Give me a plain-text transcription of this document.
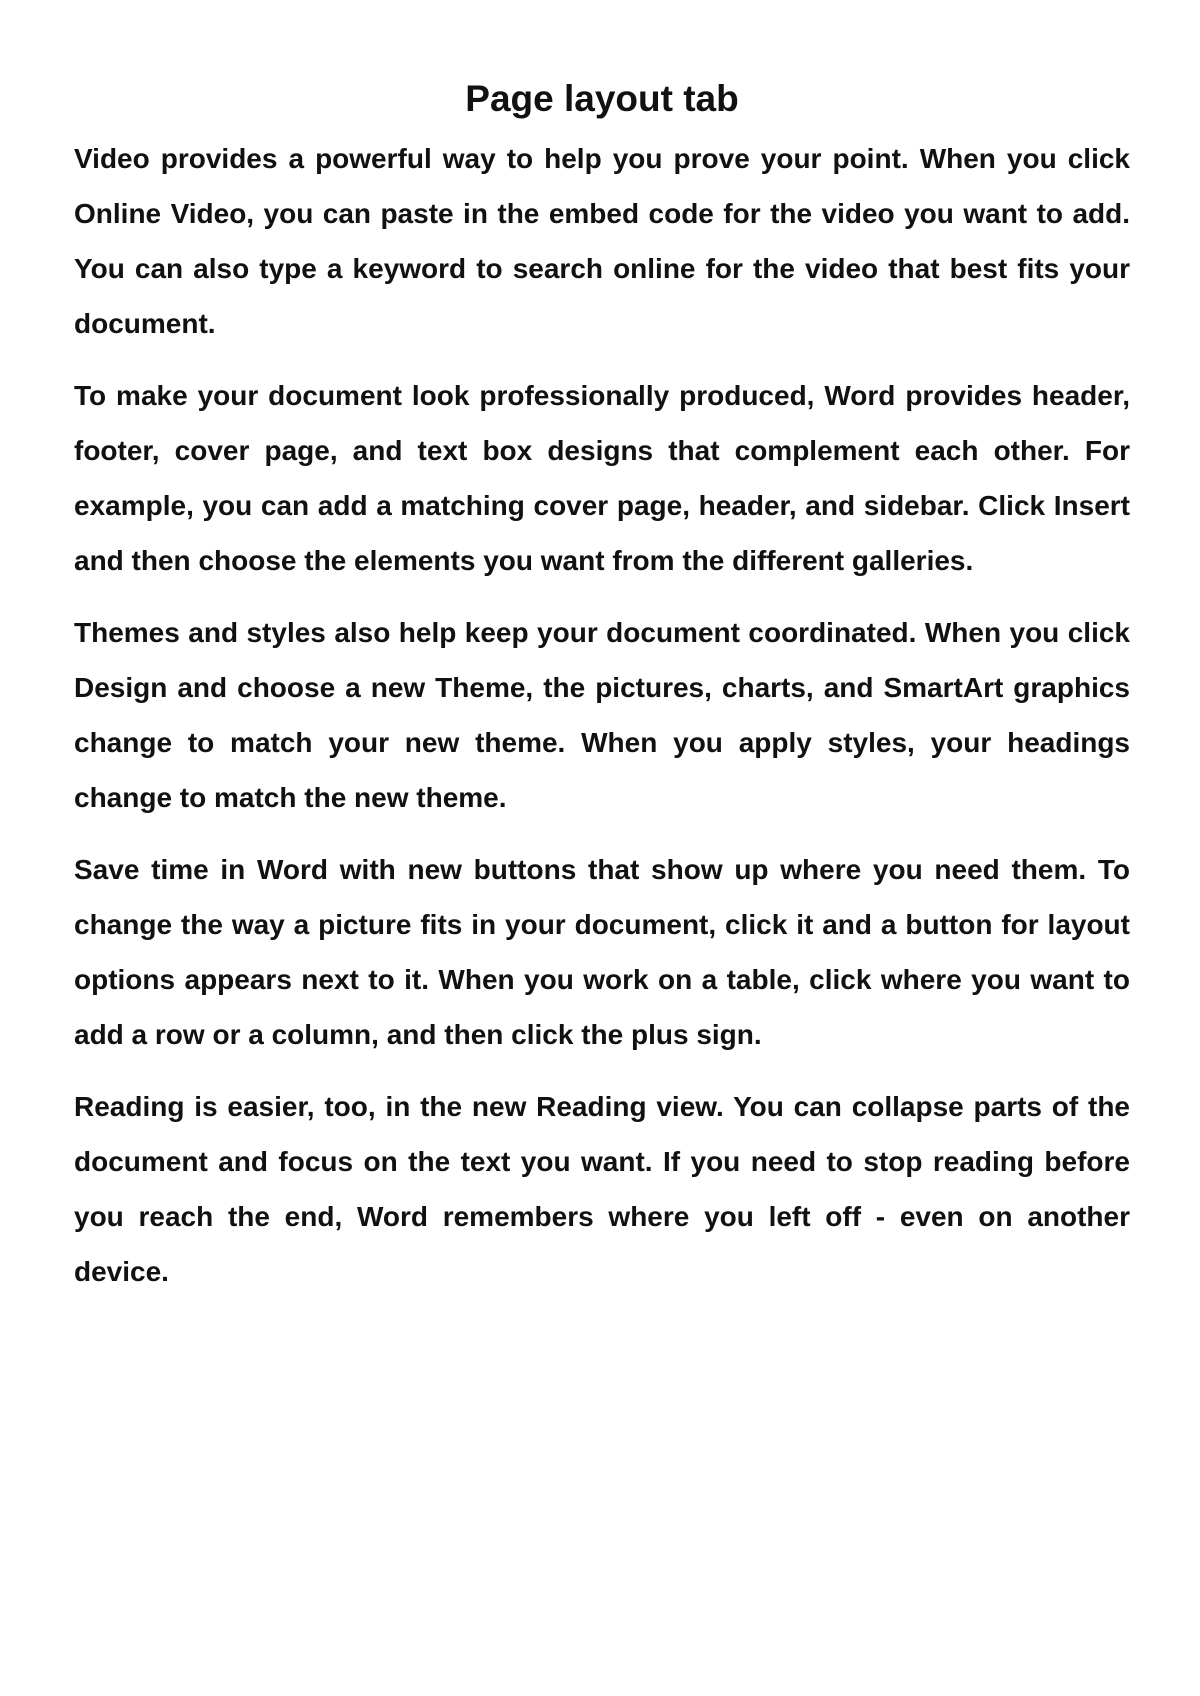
Page layout tab

Video provides a powerful way to help you prove your point. When you click Online Video, you can paste in the embed code for the video you want to add. You can also type a keyword to search online for the video that best fits your document.

To make your document look professionally produced, Word provides header, footer, cover page, and text box designs that complement each other. For example, you can add a matching cover page, header, and sidebar. Click Insert and then choose the elements you want from the different galleries.

Themes and styles also help keep your document coordinated. When you click Design and choose a new Theme, the pictures, charts, and SmartArt graphics change to match your new theme. When you apply styles, your headings change to match the new theme.

Save time in Word with new buttons that show up where you need them. To change the way a picture fits in your document, click it and a button for layout options appears next to it. When you work on a table, click where you want to add a row or a column, and then click the plus sign.

Reading is easier, too, in the new Reading view. You can collapse parts of the document and focus on the text you want. If you need to stop reading before you reach the end, Word remembers where you left off - even on another device.
